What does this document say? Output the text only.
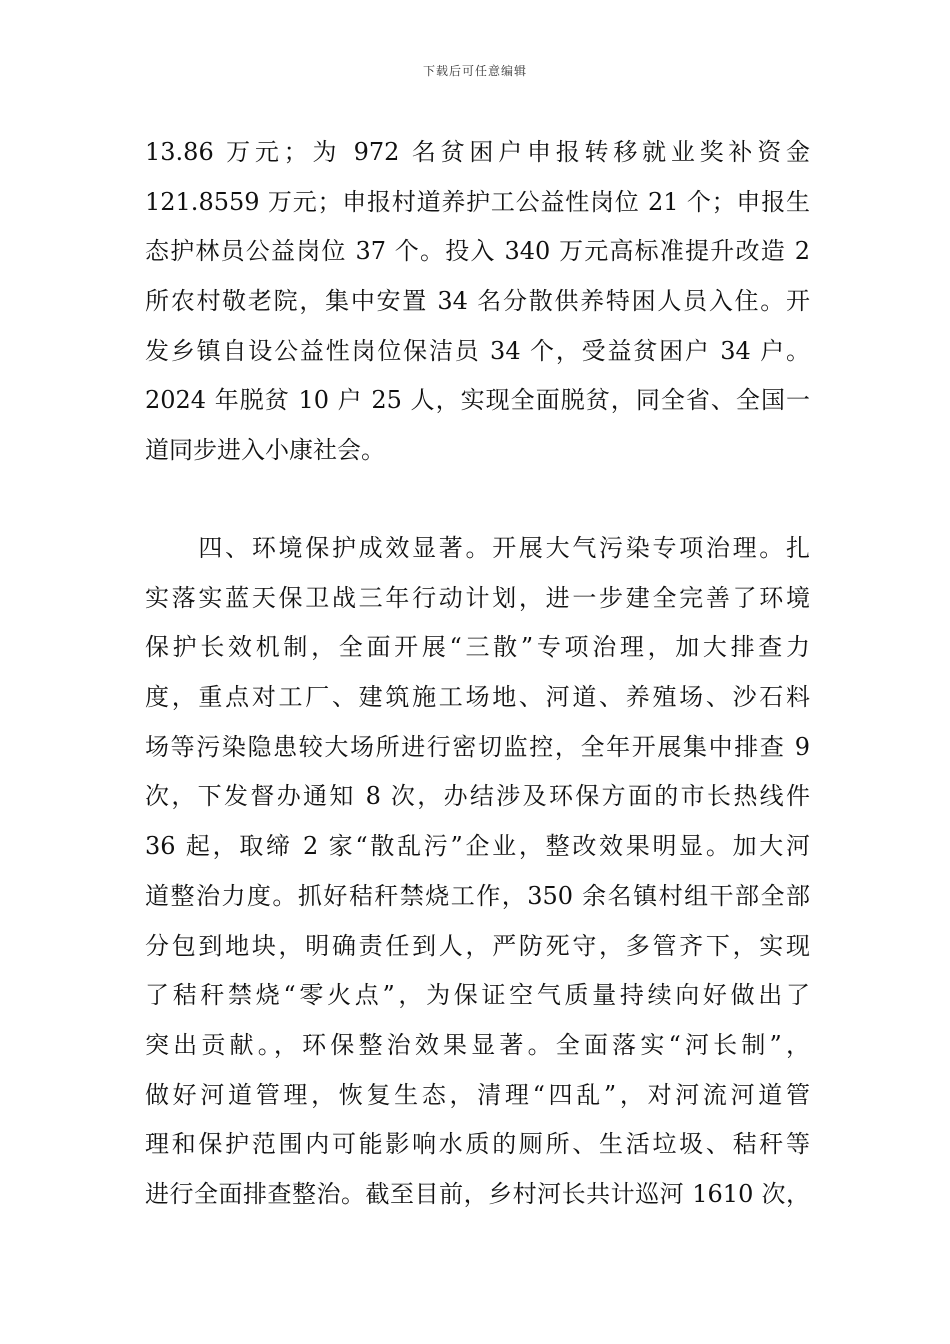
下载后可任意编辑
13.86 万元；为 972 名贫困户申报转移就业奖补资金
121.8559 万元；申报村道养护工公益性岗位 21 个；申报生
态护林员公益岗位 37 个。投入 340 万元高标准提升改造 2
所农村敬老院，集中安置 34 名分散供养特困人员入住。开
发乡镇自设公益性岗位保洁员 34 个，受益贫困户 34 户。
2024 年脱贫 10 户 25 人，实现全面脱贫，同全省、全国一
道同步进入小康社会。
　　四、环境保护成效显著。开展大气污染专项治理。扎
实落实蓝天保卫战三年行动计划，进一步建全完善了环境
保护长效机制，全面开展“三散”专项治理，加大排查力
度，重点对工厂、建筑施工场地、河道、养殖场、沙石料
场等污染隐患较大场所进行密切监控，全年开展集中排查 9
次，下发督办通知 8 次，办结涉及环保方面的市长热线件
36 起，取缔 2 家“散乱污”企业，整改效果明显。加大河
道整治力度。抓好秸秆禁烧工作，350 余名镇村组干部全部
分包到地块，明确责任到人，严防死守，多管齐下，实现
了秸秆禁烧“零火点”，为保证空气质量持续向好做出了
突出贡献。，环保整治效果显著。全面落实“河长制”，
做好河道管理，恢复生态，清理“四乱”，对河流河道管
理和保护范围内可能影响水质的厕所、生活垃圾、秸秆等
进行全面排查整治。截至目前，乡村河长共计巡河 1610 次，
